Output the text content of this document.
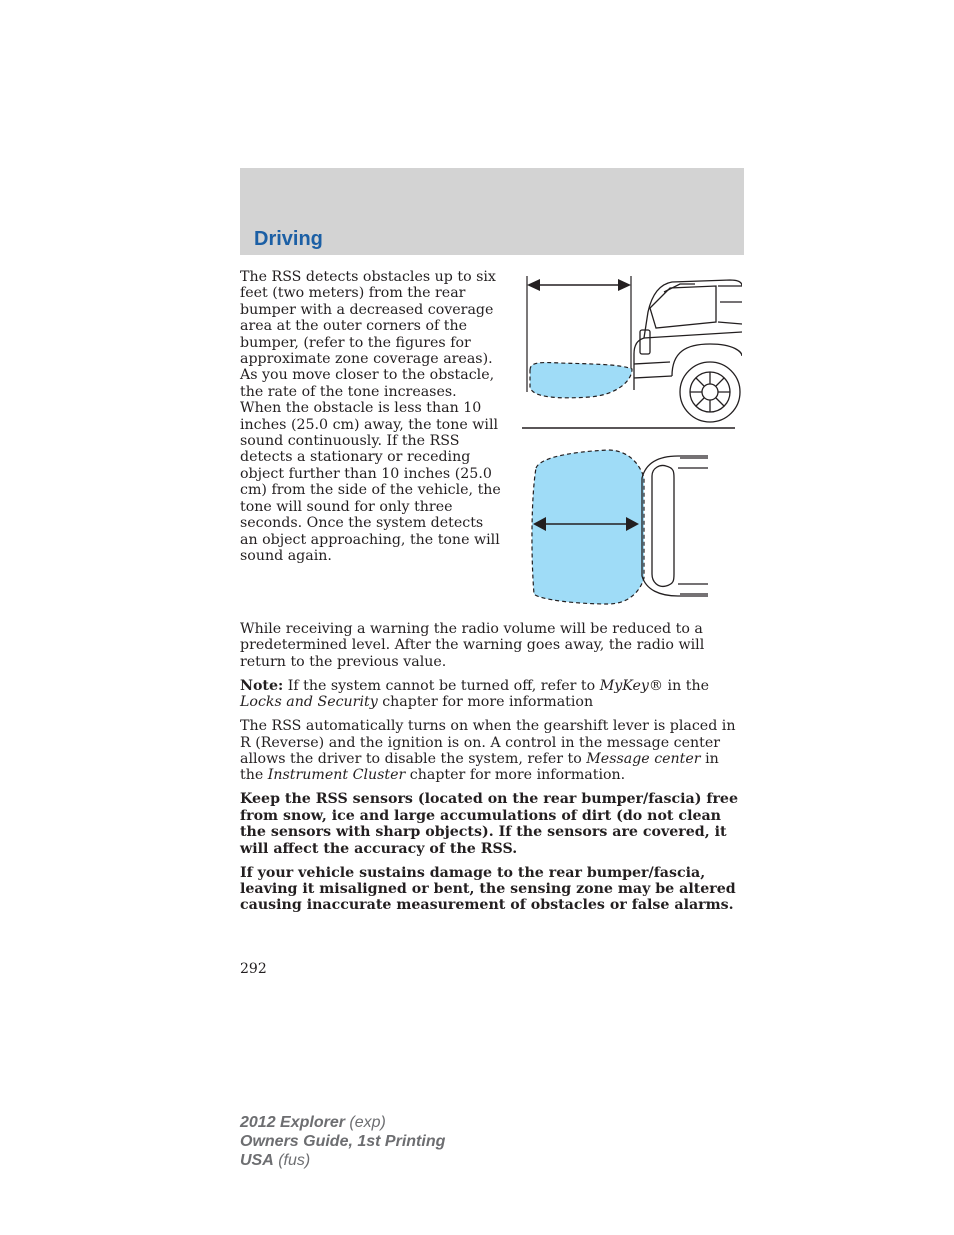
Driving

The RSS detects obstacles up to six feet (two meters) from the rear bumper with a decreased coverage area at the outer corners of the bumper, (refer to the figures for approximate zone coverage areas). As you move closer to the obstacle, the rate of the tone increases. When the obstacle is less than 10 inches (25.0 cm) away, the tone will sound continuously. If the RSS detects a stationary or receding object further than 10 inches (25.0 cm) from the side of the vehicle, the tone will sound for only three seconds. Once the system detects an object approaching, the tone will sound again.

While receiving a warning the radio volume will be reduced to a predetermined level. After the warning goes away, the radio will return to the previous value.

Note: If the system cannot be turned off, refer to MyKey® in the Locks and Security chapter for more information

The RSS automatically turns on when the gearshift lever is placed in R (Reverse) and the ignition is on. A control in the message center allows the driver to disable the system, refer to Message center in the Instrument Cluster chapter for more information.

Keep the RSS sensors (located on the rear bumper/fascia) free from snow, ice and large accumulations of dirt (do not clean the sensors with sharp objects). If the sensors are covered, it will affect the accuracy of the RSS.

If your vehicle sustains damage to the rear bumper/fascia, leaving it misaligned or bent, the sensing zone may be altered causing inaccurate measurement of obstacles or false alarms.

292
2012 Explorer (exp)
Owners Guide, 1st Printing
USA (fus)
